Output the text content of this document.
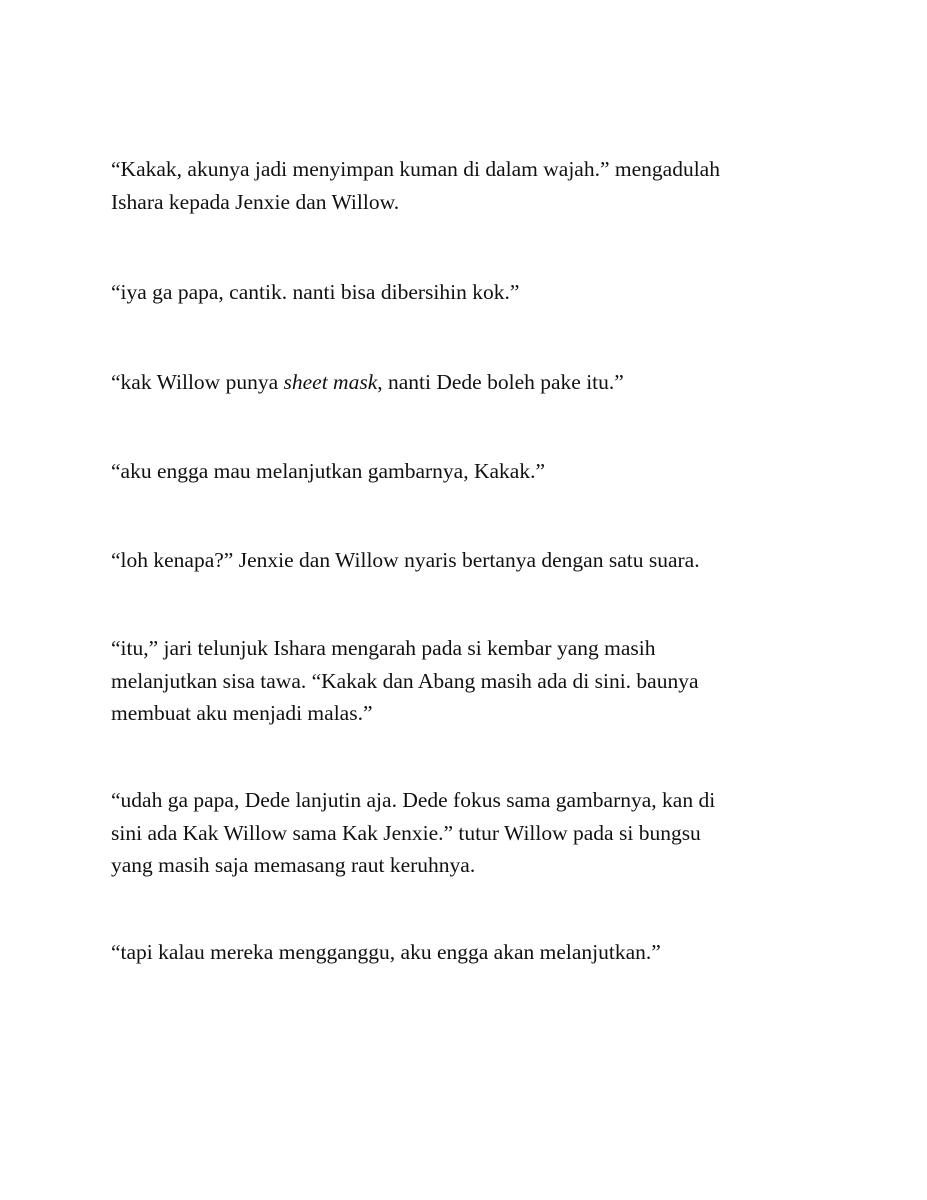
“Kakak, akunya jadi menyimpan kuman di dalam wajah.” mengadulah
Ishara kepada Jenxie dan Willow.
“iya ga papa, cantik. nanti bisa dibersihin kok.”
“kak Willow punya sheet mask, nanti Dede boleh pake itu.”
“aku engga mau melanjutkan gambarnya, Kakak.”
“loh kenapa?” Jenxie dan Willow nyaris bertanya dengan satu suara.
“itu,” jari telunjuk Ishara mengarah pada si kembar yang masih
melanjutkan sisa tawa. “Kakak dan Abang masih ada di sini. baunya
membuat aku menjadi malas.”
“udah ga papa, Dede lanjutin aja. Dede fokus sama gambarnya, kan di
sini ada Kak Willow sama Kak Jenxie.” tutur Willow pada si bungsu
yang masih saja memasang raut keruhnya.
“tapi kalau mereka mengganggu, aku engga akan melanjutkan.”
